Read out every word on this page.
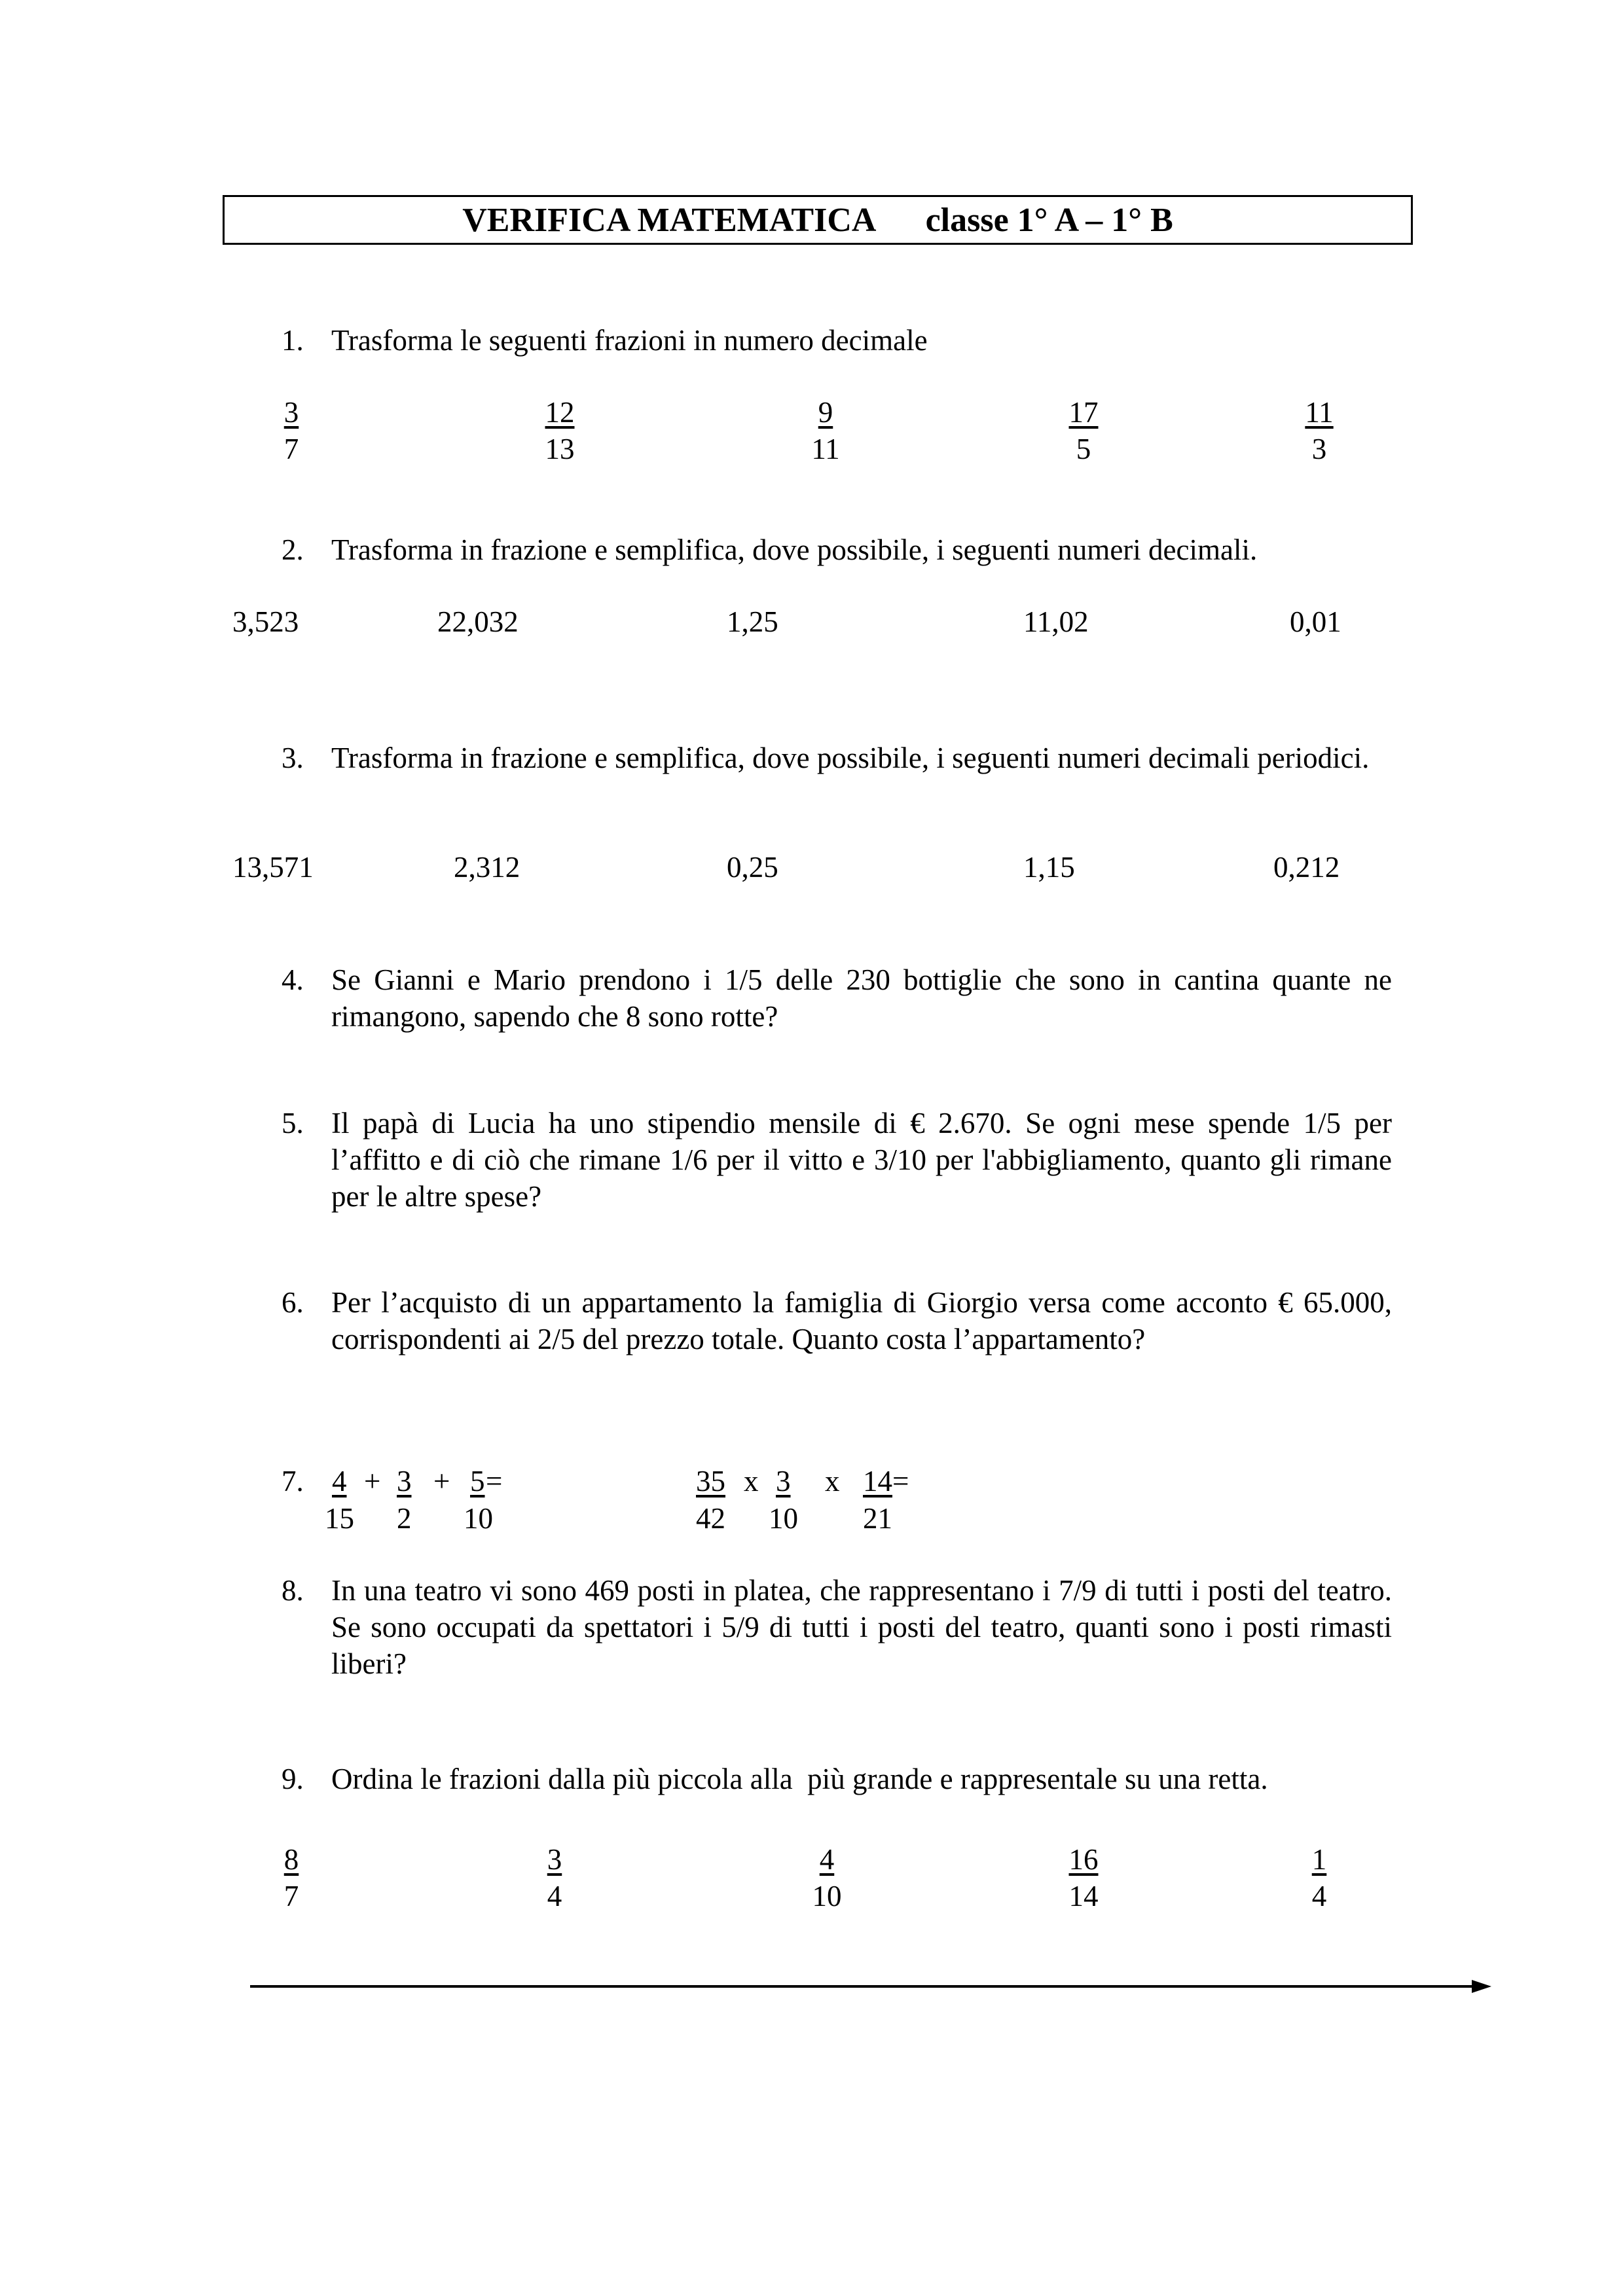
VERIFICA MATEMATICA classe 1° A – 1° B
1. Trasforma le seguenti frazioni in numero decimale
$\frac{3}{7}$	$\frac{12}{13}$	$\frac{9}{11}$	$\frac{17}{5}$	$\frac{11}{3}$
2. Trasforma in frazione e semplifica, dove possibile, i seguenti numeri decimali.
3,523	22,032	1,25	11,02	0,01
3. Trasforma in frazione e semplifica, dove possibile, i seguenti numeri decimali periodici.
13,571	2,312	0,25	1,15	0,212
4. Se Gianni e Mario prendono i 1/5 delle 230 bottiglie che sono in cantina quante ne rimangono, sapendo che 8 sono rotte?
5. Il papà di Lucia ha uno stipendio mensile di € 2.670. Se ogni mese spende 1/5 per l’affitto e di ciò che rimane 1/6 per il vitto e 3/10 per l'abbigliamento, quanto gli rimane per le altre spese?
6. Per l’acquisto di un appartamento la famiglia di Giorgio versa come acconto € 65.000, corrispondenti ai 2/5 del prezzo totale. Quanto costa l’appartamento?
7. 4 + 3 + 5 =
15 2 10
35 x 3 x 14 =
42 10 21
8. In una teatro vi sono 469 posti in platea, che rappresentano i 7/9 di tutti i posti del teatro. Se sono occupati da spettatori i 5/9 di tutti i posti del teatro, quanti sono i posti rimasti liberi?
9. Ordina le frazioni dalla più piccola alla  più grande e rappresentale su una retta.
$\frac{8}{7}$	$\frac{3}{4}$	$\frac{4}{10}$	$\frac{16}{14}$	$\frac{1}{4}$
